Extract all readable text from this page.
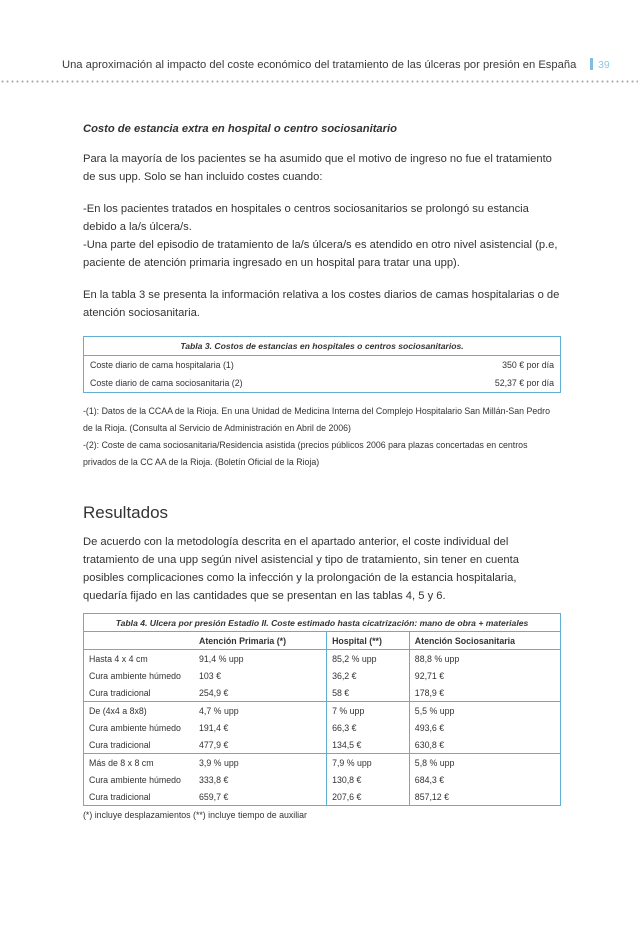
Una aproximación al impacto del coste económico del tratamiento de las úlceras por presión en España	39
Costo de estancia extra en hospital o centro sociosanitario

Para la mayoría de los pacientes se ha asumido que el motivo de ingreso no fue el tratamiento de sus upp. Solo se han incluido costes cuando:

-En los pacientes tratados en hospitales o centros sociosanitarios se prolongó su estancia debido a la/s úlcera/s.

-Una parte del episodio de tratamiento de la/s úlcera/s es atendido en otro nivel asistencial (p.e, paciente de atención primaria ingresado en un hospital para tratar una upp).

En la tabla 3 se presenta la información relativa a los costes diarios de camas hospitalarias o de atención sociosanitaria.

Tabla 3. Costos de estancias en hospitales o centros sociosanitarios.	
Coste diario de cama hospitalaria (1)	350 € por día
Coste diario de cama sociosanitaria (2)	52,37 € por día
-(1): Datos de la CCAA de la Rioja. En una Unidad de Medicina Interna del Complejo Hospitalario San Millán-San Pedro de la Rioja. (Consulta al Servicio de Administración en Abril de 2006)
-(2): Coste de cama sociosanitaria/Residencia asistida (precios públicos 2006 para plazas concertadas en centros privados de la CC AA de la Rioja. (Boletín Oficial de la Rioja)
Resultados

De acuerdo con la metodología descrita en el apartado anterior, el coste individual del tratamiento de una upp según nivel asistencial y tipo de tratamiento, sin tener en cuenta posibles complicaciones como la infección y la prolongación de la estancia hospitalaria, quedaría fijado en las cantidades que se presentan en las tablas 4, 5 y 6.

Tabla 4. Ulcera por presión Estadio II. Coste estimado hasta cicatrización: mano de obra + materiales			
	Atención Primaria (*)	Hospital (**)	Atención Sociosanitaria
Hasta 4 x 4 cm	91,4 % upp	85,2 % upp	88,8 % upp
Cura ambiente húmedo	103 €	36,2 €	92,71 €
Cura tradicional	254,9 €	58 €	178,9 €
De (4x4 a 8x8)	4,7 % upp	7 % upp	5,5 % upp
Cura ambiente húmedo	191,4 €	66,3 €	493,6 €
Cura tradicional	477,9 €	134,5 €	630,8 €
Más de 8 x 8 cm	3,9 % upp	7,9 % upp	5,8 % upp
Cura ambiente húmedo	333,8 €	130,8 €	684,3 €
Cura tradicional	659,7 €	207,6 €	857,12 €
(*) incluye desplazamientos (**) incluye tiempo de auxiliar
